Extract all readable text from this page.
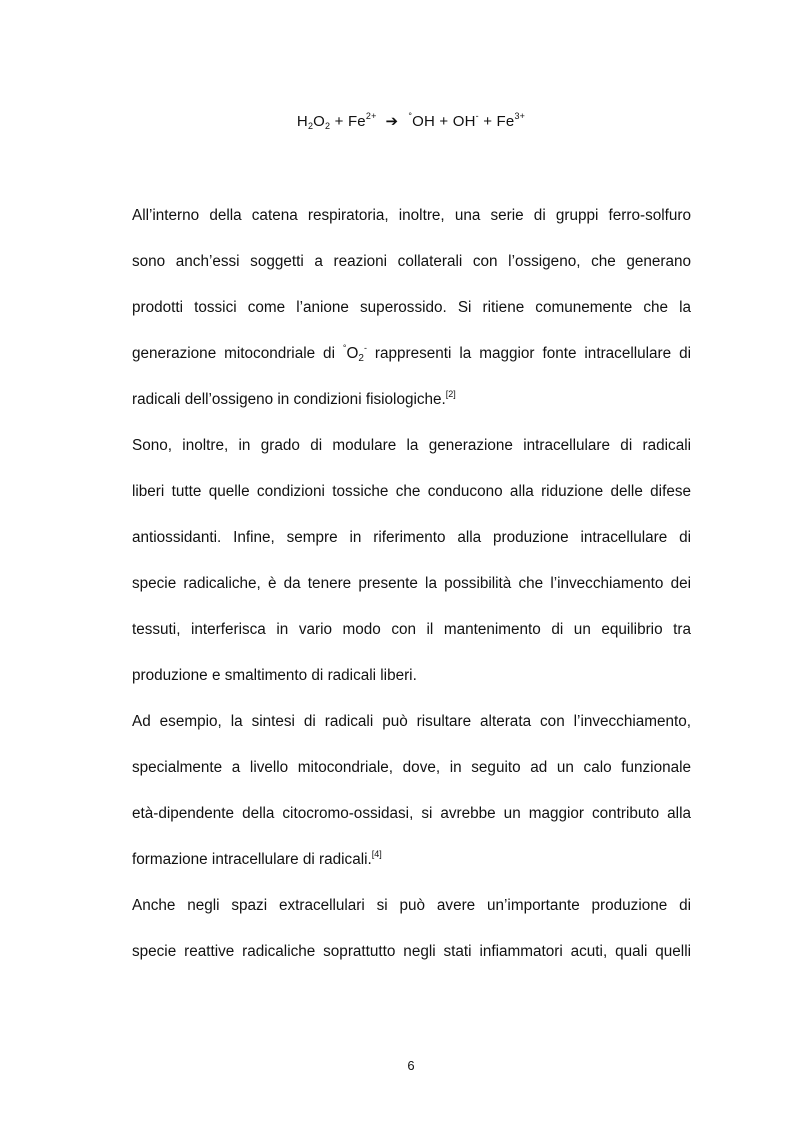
$H_2O_2 + Fe^{2+}$ ➔ $^\circ OH + OH^- + Fe^{3+}$
All’interno della catena respiratoria, inoltre, una serie di gruppi ferro-solfuro
sono anch’essi soggetti a reazioni collaterali con l’ossigeno, che generano
prodotti tossici come l’anione superossido. Si ritiene comunemente che la
generazione mitocondriale di $^\circ O_2^-$ rappresenti la maggior fonte intracellulare di
radicali dell’ossigeno in condizioni fisiologiche.[2]
Sono, inoltre, in grado di modulare la generazione intracellulare di radicali
liberi tutte quelle condizioni tossiche che conducono alla riduzione delle difese
antiossidanti. Infine, sempre in riferimento alla produzione intracellulare di
specie radicaliche, è da tenere presente la possibilità che l’invecchiamento dei
tessuti, interferisca in vario modo con il mantenimento di un equilibrio tra
produzione e smaltimento di radicali liberi.
Ad esempio, la sintesi di radicali può risultare alterata con l’invecchiamento,
specialmente a livello mitocondriale, dove, in seguito ad un calo funzionale
età-dipendente della citocromo-ossidasi, si avrebbe un maggior contributo alla
formazione intracellulare di radicali.[4]
Anche negli spazi extracellulari si può avere un’importante produzione di
specie reattive radicaliche soprattutto negli stati infiammatori acuti, quali quelli
6
